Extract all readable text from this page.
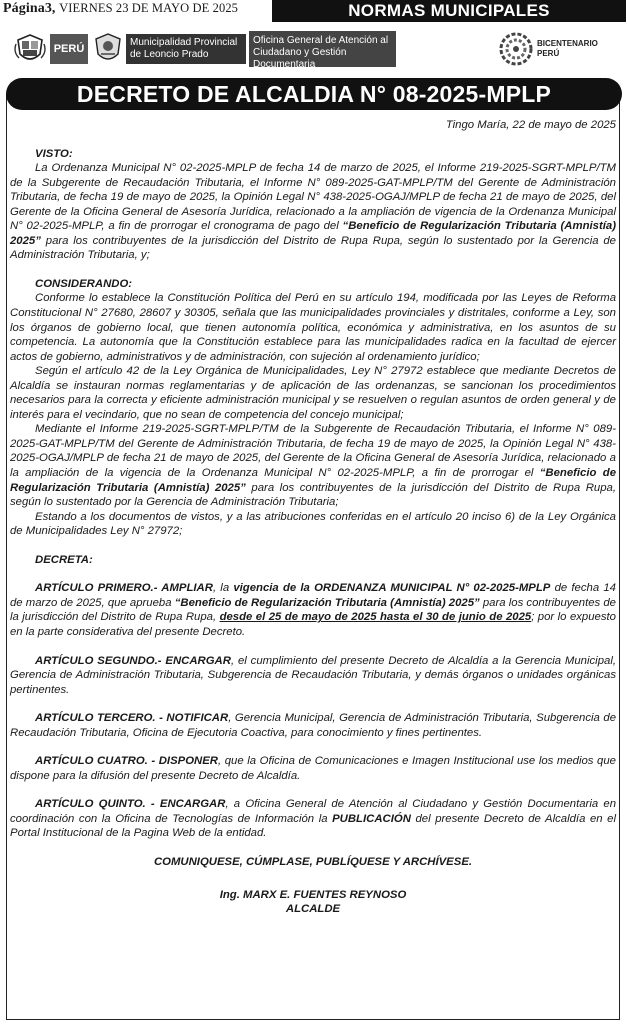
Página3, VIERNES 23 DE MAYO DE 2025	NORMAS MUNICIPALES
PERÚ
Municipalidad Provincial
de Leoncio Prado
Oficina General de Atención al
Ciudadano y Gestión Documentaria
BICENTENARIO
PERÚ
DECRETO DE ALCALDIA N° 08-2025-MPLP

Tingo María, 22 de mayo de 2025

VISTO:

La Ordenanza Municipal N° 02-2025-MPLP de fecha 14 de marzo de 2025, el Informe 219-2025-SGRT-MPLP/TM de la Subgerente de Recaudación Tributaria, el Informe N° 089-2025-GAT-MPLP/TM del Gerente de Administración Tributaria, de fecha 19 de mayo de 2025, la Opinión Legal N° 438-2025-OGAJ/MPLP de fecha 21 de mayo de 2025, del Gerente de la Oficina General de Asesoría Jurídica, relacionado a la ampliación de vigencia de la Ordenanza Municipal N° 02-2025-MPLP, a fin de prorrogar el cronograma de pago del “Beneficio de Regularización Tributaria (Amnistía) 2025” para los contribuyentes de la jurisdicción del Distrito de Rupa Rupa, según lo sustentado por la Gerencia de Administración Tributaria, y;

CONSIDERANDO:

Conforme lo establece la Constitución Política del Perú en su artículo 194, modificada por las Leyes de Reforma Constitucional N° 27680, 28607 y 30305, señala que las municipalidades provinciales y distritales, conforme a Ley, son los órganos de gobierno local, que tienen autonomía política, económica y administrativa, en los asuntos de su competencia. La autonomía que la Constitución establece para las municipalidades radica en la facultad de ejercer actos de gobierno, administrativos y de administración, con sujeción al ordenamiento jurídico;

Según el artículo 42 de la Ley Orgánica de Municipalidades, Ley N° 27972 establece que mediante Decretos de Alcaldía se instauran normas reglamentarias y de aplicación de las ordenanzas, se sancionan los procedimientos necesarios para la correcta y eficiente administración municipal y se resuelven o regulan asuntos de orden general y de interés para el vecindario, que no sean de competencia del concejo municipal;

Mediante el Informe 219-2025-SGRT-MPLP/TM de la Subgerente de Recaudación Tributaria, el Informe N° 089-2025-GAT-MPLP/TM del Gerente de Administración Tributaria, de fecha 19 de mayo de 2025, la Opinión Legal N° 438-2025-OGAJ/MPLP de fecha 21 de mayo de 2025, del Gerente de la Oficina General de Asesoría Jurídica, relacionado a la ampliación de la vigencia de la Ordenanza Municipal N° 02-2025-MPLP, a fin de prorrogar el “Beneficio de Regularización Tributaria (Amnistía) 2025” para los contribuyentes de la jurisdicción del Distrito de Rupa Rupa, según lo sustentado por la Gerencia de Administración Tributaria;

Estando a los documentos de vistos, y a las atribuciones conferidas en el artículo 20 inciso 6) de la Ley Orgánica de Municipalidades Ley N° 27972;

DECRETA:

ARTÍCULO PRIMERO.- AMPLIAR, la vigencia de la ORDENANZA MUNICIPAL N° 02-2025-MPLP de fecha 14 de marzo de 2025, que aprueba “Beneficio de Regularización Tributaria (Amnistía) 2025” para los contribuyentes de la jurisdicción del Distrito de Rupa Rupa, desde el 25 de mayo de 2025 hasta el 30 de junio de 2025; por lo expuesto en la parte considerativa del presente Decreto.

ARTÍCULO SEGUNDO.- ENCARGAR, el cumplimiento del presente Decreto de Alcaldía a la Gerencia Municipal, Gerencia de Administración Tributaria, Subgerencia de Recaudación Tributaria, y demás órganos o unidades orgánicas pertinentes.

ARTÍCULO TERCERO. - NOTIFICAR, Gerencia Municipal, Gerencia de Administración Tributaria, Subgerencia de Recaudación Tributaria, Oficina de Ejecutoria Coactiva, para conocimiento y fines pertinentes.

ARTÍCULO CUATRO. - DISPONER, que la Oficina de Comunicaciones e Imagen Institucional use los medios que dispone para la difusión del presente Decreto de Alcaldía.

ARTÍCULO QUINTO. - ENCARGAR, a Oficina General de Atención al Ciudadano y Gestión Documentaria en coordinación con la Oficina de Tecnologías de Información la PUBLICACIÓN del presente Decreto de Alcaldía en el Portal Institucional de la Pagina Web de la entidad.

COMUNIQUESE, CÚMPLASE, PUBLÍQUESE Y ARCHÍVESE.

Ing. MARX E. FUENTES REYNOSO

ALCALDE
